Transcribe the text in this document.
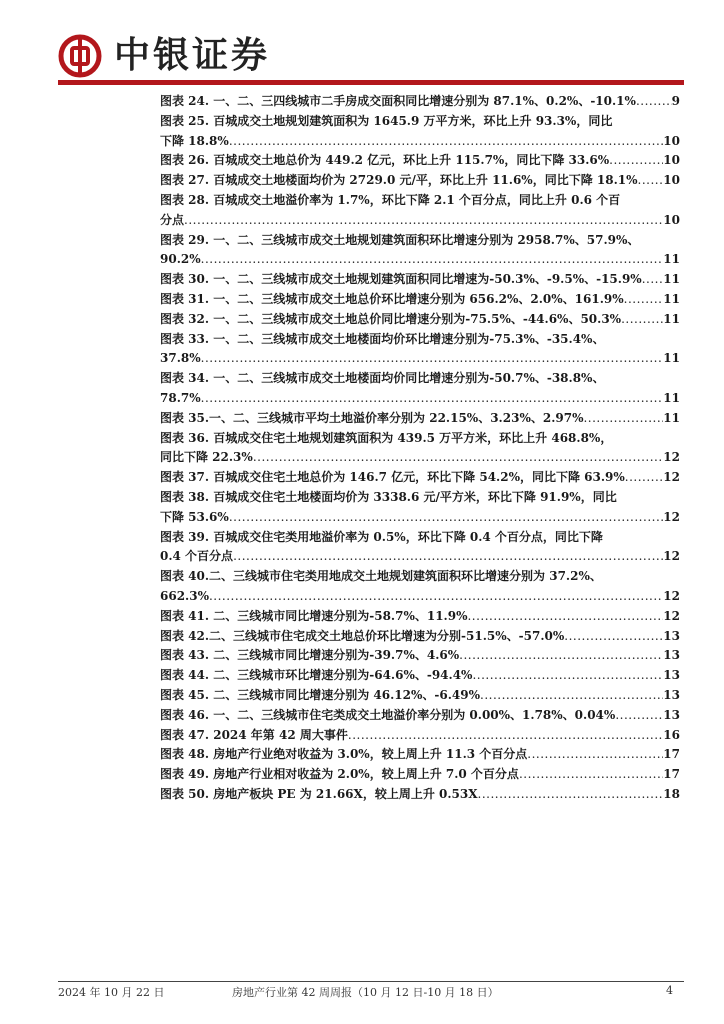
中银证券
图表 24. 一、二、三四线城市二手房成交面积同比增速分别为 87.1%、0.2%、-10.1% .....	9
图表 25. 百城成交土地规划建筑面积为 1645.9 万平方米，环比上升 93.3%，同比
下降 18.8% .....	10
图表 26. 百城成交土地总价为 449.2 亿元，环比上升 115.7%，同比下降 33.6% .....	10
图表 27. 百城成交土地楼面均价为 2729.0 元/平，环比上升 11.6%，同比下降 18.1% ..... 10
图表 28. 百城成交土地溢价率为 1.7%，环比下降 2.1 个百分点，同比上升 0.6 个百
分点 .....	10
图表 29. 一、二、三线城市成交土地规划建筑面积环比增速分别为 2958.7%、57.9%、
90.2% .....	11
图表 30. 一、二、三线城市成交土地规划建筑面积同比增速为-50.3%、-9.5%、-15.9% ..... 11
图表 31. 一、二、三线城市成交土地总价环比增速分别为 656.2%、2.0%、161.9% .....	11
图表 32. 一、二、三线城市成交土地总价同比增速分别为-75.5%、-44.6%、50.3% .....	11
图表 33. 一、二、三线城市成交土地楼面均价环比增速分别为-75.3%、-35.4%、
37.8% .....	11
图表 34. 一、二、三线城市成交土地楼面均价同比增速分别为-50.7%、-38.8%、
78.7% .....	11
图表 35.一、二、三线城市平均土地溢价率分别为 22.15%、3.23%、2.97% .....	11
图表 36. 百城成交住宅土地规划建筑面积为 439.5 万平方米，环比上升 468.8%，
同比下降 22.3% .....	12
图表 37. 百城成交住宅土地总价为 146.7 亿元，环比下降 54.2%，同比下降 63.9% .....	12
图表 38. 百城成交住宅土地楼面均价为 3338.6 元/平方米，环比下降 91.9%，同比
下降 53.6% .....	12
图表 39. 百城成交住宅类用地溢价率为 0.5%，环比下降 0.4 个百分点，同比下降
0.4 个百分点 .....	12
图表 40.二、三线城市住宅类用地成交土地规划建筑面积环比增速分别为 37.2%、
662.3% .....	12
图表 41. 二、三线城市同比增速分别为-58.7%、11.9% .....	12
图表 42.二、三线城市住宅成交土地总价环比增速为分别-51.5%、-57.0% .....	13
图表 43. 二、三线城市同比增速分别为-39.7%、4.6% .....	13
图表 44. 二、三线城市环比增速分别为-64.6%、-94.4% .....	13
图表 45. 二、三线城市同比增速分别为 46.12%、-6.49% .....	13
图表 46. 一、二、三线城市住宅类成交土地溢价率分别为 0.00%、1.78%、0.04% .....	13
图表 47. 2024 年第 42 周大事件 .....	16
图表 48. 房地产行业绝对收益为 3.0%，较上周上升 11.3 个百分点 .....	17
图表 49. 房地产行业相对收益为 2.0%，较上周上升 7.0 个百分点 .....	17
图表 50. 房地产板块 PE 为 21.66X，较上周上升 0.53X .....	18
2024 年 10 月 22 日	房地产行业第 42 周周报（10 月 12 日-10 月 18 日）	4
